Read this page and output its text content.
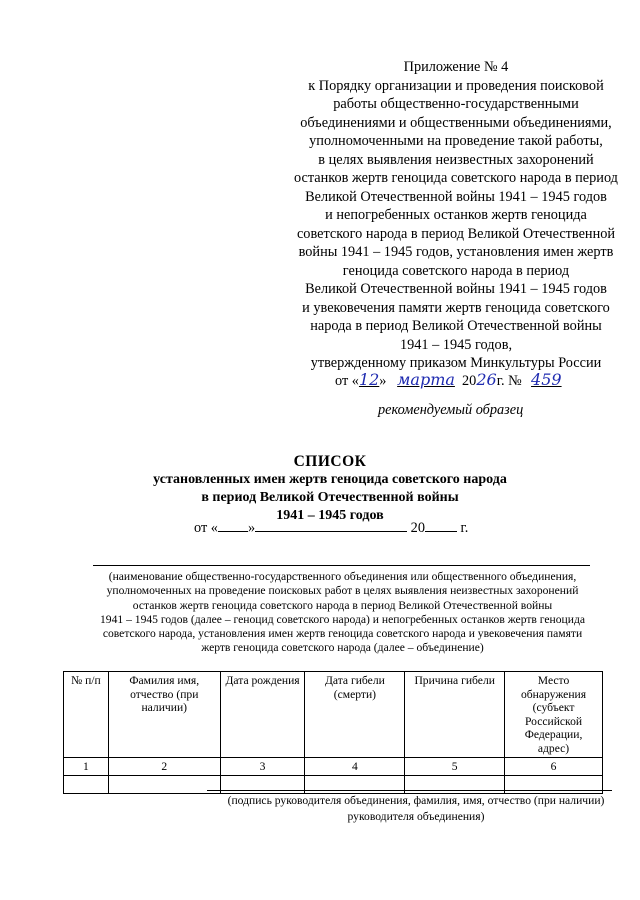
Приложение № 4
к Порядку организации и проведения поисковой
работы общественно-государственными
объединениями и общественными объединениями,
уполномоченными на проведение такой работы,
в целях выявления неизвестных захоронений
останков жертв геноцида советского народа в период
Великой Отечественной войны 1941 – 1945 годов
и непогребенных останков жертв геноцида
советского народа в период Великой Отечественной
войны 1941 – 1945 годов, установления имен жертв
геноцида советского народа в период
Великой Отечественной войны 1941 – 1945 годов
и увековечения памяти жертв геноцида советского
народа в период Великой Отечественной войны
1941 – 1945 годов,
утвержденному приказом Минкультуры России
от «12» марта 2026г. № 459
рекомендуемый образец
СПИСОК
установленных имен жертв геноцида советского народа
в период Великой Отечественной войны
1941 – 1945 годов
от « »	20 г.
(наименование общественно-государственного объединения или общественного объединения,
уполномоченных на проведение поисковых работ в целях выявления неизвестных захоронений
останков жертв геноцида советского народа в период Великой Отечественной войны
1941 – 1945 годов (далее – геноцид советского народа) и непогребенных останков жертв геноцида
советского народа, установления имен жертв геноцида советского народа и увековечения памяти
жертв геноцида советского народа (далее – объединение)
№ п/п	Фамилия имя, отчество (при наличии)	Дата рождения	Дата гибели (смерти)	Причина гибели	Место обнаружения (субъект Российской Федерации, адрес)
1	2	3	4	5	6

(подпись руководителя объединения, фамилия, имя, отчество (при наличии)
руководителя объединения)
